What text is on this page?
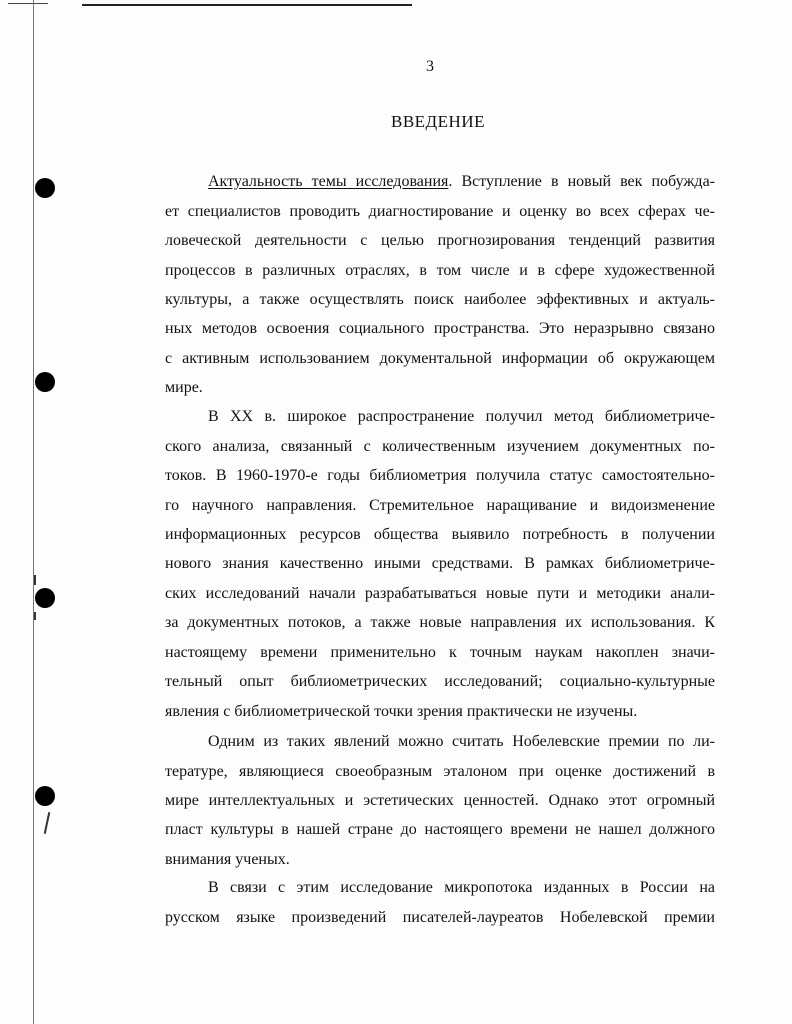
3
ВВЕДЕНИЕ
Актуальность темы исследования. Вступление в новый век побужда-
ет специалистов проводить диагностирование и оценку во всех сферах че-
ловеческой деятельности с целью прогнозирования тенденций развития
процессов в различных отраслях, в том числе и в сфере художественной
культуры, а также осуществлять поиск наиболее эффективных и актуаль-
ных методов освоения социального пространства. Это неразрывно связано
с активным использованием документальной информации об окружающем
мире.
В XX в. широкое распространение получил метод библиометриче-
ского анализа, связанный с количественным изучением документных по-
токов. В 1960-1970-е годы библиометрия получила статус самостоятельно-
го научного направления. Стремительное наращивание и видоизменение
информационных ресурсов общества выявило потребность в получении
нового знания качественно иными средствами. В рамках библиометриче-
ских исследований начали разрабатываться новые пути и методики анали-
за документных потоков, а также новые направления их использования. К
настоящему времени применительно к точным наукам накоплен значи-
тельный опыт библиометрических исследований; социально-культурные
явления с библиометрической точки зрения практически не изучены.
Одним из таких явлений можно считать Нобелевские премии по ли-
тературе, являющиеся своеобразным эталоном при оценке достижений в
мире интеллектуальных и эстетических ценностей. Однако этот огромный
пласт культуры в нашей стране до настоящего времени не нашел должного
внимания ученых.
В связи с этим исследование микропотока изданных в России на
русском языке произведений писателей-лауреатов Нобелевской премии
